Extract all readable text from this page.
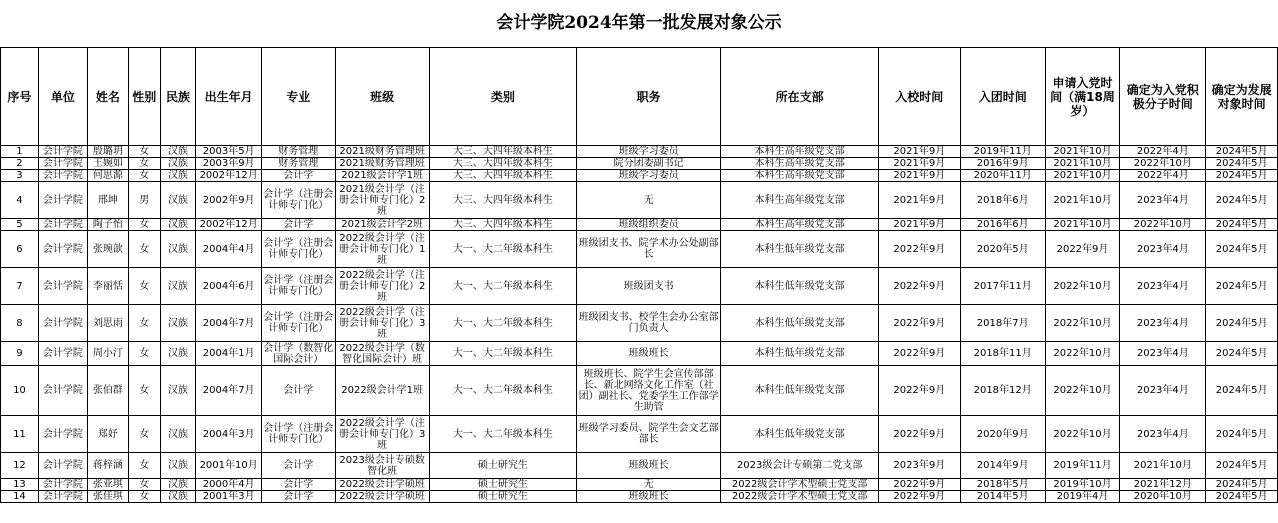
会计学院2024年第一批发展对象公示
序号	单位	姓名	性别	民族	出生年月	专业	班级	类别	职务	所在支部	入校时间	入团时间	申请入党时间（满18周岁）	确定为入党积极分子时间	确定为发展对象时间
1	会计学院	殷璐玥	女	汉族	2003年5月	财务管理	2021级财务管理班	大三、大四年级本科生	班级学习委员	本科生高年级党支部	2021年9月	2019年11月	2021年10月	2022年4月	2024年5月
2	会计学院	王婉如	女	汉族	2003年9月	财务管理	2021级财务管理班	大三、大四年级本科生	院分团委副书记	本科生高年级党支部	2021年9月	2016年9月	2021年10月	2022年10月	2024年5月
3	会计学院	何思源	女	汉族	2002年12月	会计学	2021级会计学1班	大三、大四年级本科生	班级学习委员	本科生高年级党支部	2021年9月	2020年11月	2021年10月	2022年4月	2024年5月
4	会计学院	邢坤	男	汉族	2002年9月	会计学（注册会计师专门化）	2021级会计学（注册会计师专门化）2班	大三、大四年级本科生	无	本科生高年级党支部	2021年9月	2018年6月	2021年10月	2023年4月	2024年5月
5	会计学院	陶子怡	女	汉族	2002年12月	会计学	2021级会计学2班	大三、大四年级本科生	班级组织委员	本科生高年级党支部	2021年9月	2016年6月	2021年10月	2022年10月	2024年5月
6	会计学院	张琬歆	女	汉族	2004年4月	会计学（注册会计师专门化）	2022级会计学（注册会计师专门化）1班	大一、大二年级本科生	班级团支书、院学术办公处副部长	本科生低年级党支部	2022年9月	2020年5月	2022年9月	2023年4月	2024年5月
7	会计学院	李丽恬	女	汉族	2004年6月	会计学（注册会计师专门化）	2022级会计学（注册会计师专门化）2班	大一、大二年级本科生	班级团支书	本科生低年级党支部	2022年9月	2017年11月	2022年10月	2023年4月	2024年5月
8	会计学院	刘思雨	女	汉族	2004年7月	会计学（注册会计师专门化）	2022级会计学（注册会计师专门化）3班	大一、大二年级本科生	班级团支书、校学生会办公室部门负责人	本科生低年级党支部	2022年9月	2018年7月	2022年10月	2023年4月	2024年5月
9	会计学院	周小汀	女	汉族	2004年1月	会计学（数智化国际会计）	2022级会计学（数智化国际会计）班	大一、大二年级本科生	班级班长	本科生低年级党支部	2022年9月	2018年11月	2022年10月	2023年4月	2024年5月
10	会计学院	张伯群	女	汉族	2004年7月	会计学	2022级会计学1班	大一、大二年级本科生	班级班长、院学生会宣传部部长、新北网络文化工作室（社团）副社长、党委学生工作部学生助管	本科生低年级党支部	2022年9月	2018年12月	2022年10月	2023年4月	2024年5月
11	会计学院	郑妤	女	汉族	2004年3月	会计学（注册会计师专门化）	2022级会计学（注册会计师专门化）3班	大一、大二年级本科生	班级学习委员、院学生会文艺部部长	本科生低年级党支部	2022年9月	2020年9月	2022年10月	2023年4月	2024年5月
12	会计学院	蒋梓涵	女	汉族	2001年10月	会计学	2023级会计专硕数智化班	硕士研究生	班级班长	2023级会计专硕第二党支部	2023年9月	2014年9月	2019年11月	2021年10月	2024年5月
13	会计学院	张亚琪	女	汉族	2000年4月	会计学	2022级会计学硕班	硕士研究生	无	2022级会计学术型硕士党支部	2022年9月	2018年5月	2019年10月	2021年12月	2024年5月
14	会计学院	张佳琪	女	汉族	2001年3月	会计学	2022级会计学硕班	硕士研究生	班级班长	2022级会计学术型硕士党支部	2022年9月	2014年5月	2019年4月	2020年10月	2024年5月
